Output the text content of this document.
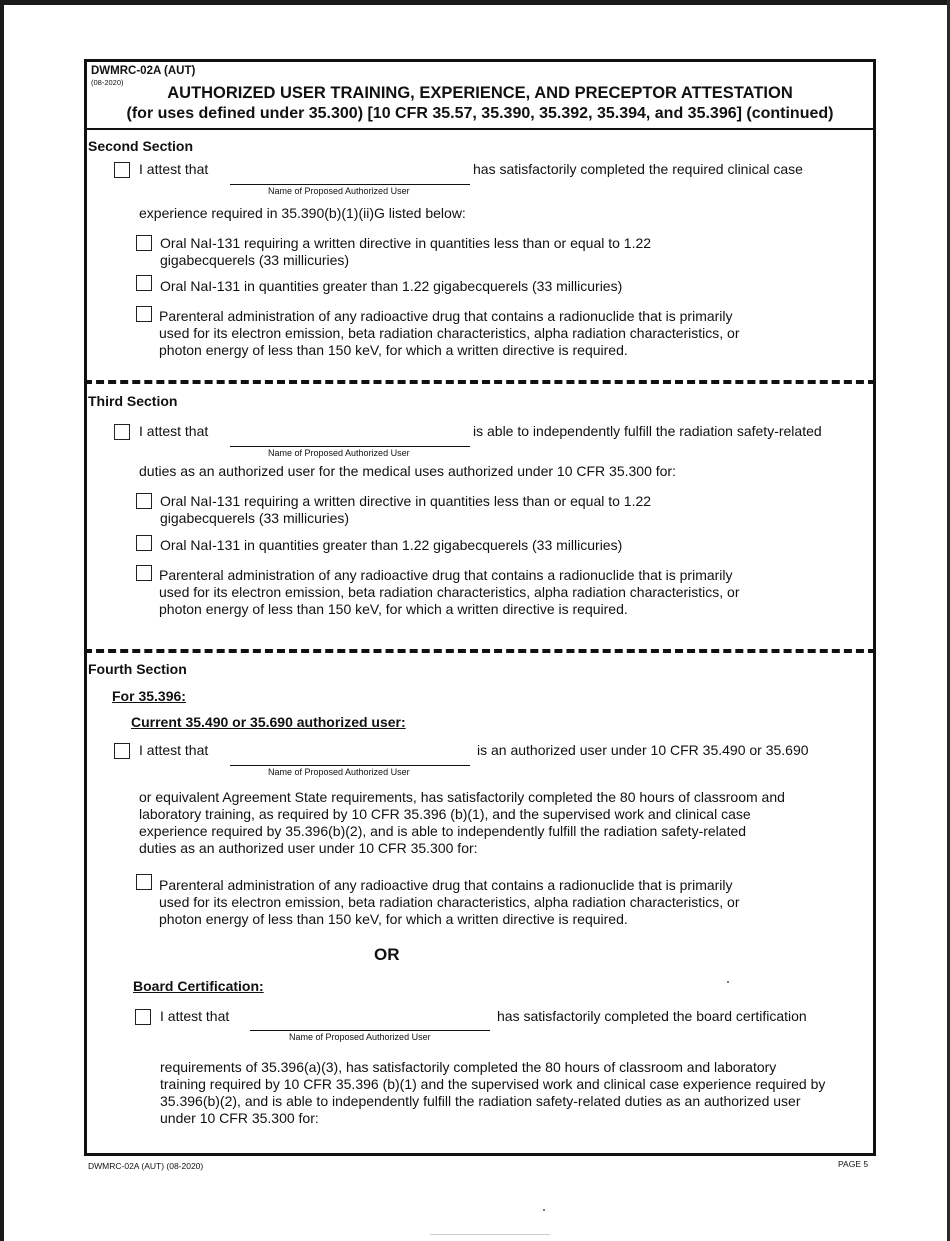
DWMRC-02A (AUT)
(08-2020)
AUTHORIZED USER TRAINING, EXPERIENCE, AND PRECEPTOR ATTESTATION
(for uses defined under 35.300) [10 CFR 35.57, 35.390, 35.392, 35.394, and 35.396] (continued)
Second Section
I attest that
Name of Proposed Authorized User
has satisfactorily completed the required clinical case
experience required in 35.390(b)(1)(ii)G listed below:
Oral NaI-131 requiring a written directive in quantities less than or equal to 1.22
gigabecquerels (33 millicuries)
Oral NaI-131 in quantities greater than 1.22 gigabecquerels (33 millicuries)
Parenteral administration of any radioactive drug that contains a radionuclide that is primarily
used for its electron emission, beta radiation characteristics, alpha radiation characteristics, or
photon energy of less than 150 keV, for which a written directive is required.
Third Section
I attest that
Name of Proposed Authorized User
is able to independently fulfill the radiation safety-related
duties as an authorized user for the medical uses authorized under 10 CFR 35.300 for:
Oral NaI-131 requiring a written directive in quantities less than or equal to 1.22
gigabecquerels (33 millicuries)
Oral NaI-131 in quantities greater than 1.22 gigabecquerels (33 millicuries)
Parenteral administration of any radioactive drug that contains a radionuclide that is primarily
used for its electron emission, beta radiation characteristics, alpha radiation characteristics, or
photon energy of less than 150 keV, for which a written directive is required.
Fourth Section
For 35.396:
Current 35.490 or 35.690 authorized user:
I attest that
Name of Proposed Authorized User
is an authorized user under 10 CFR 35.490 or 35.690
or equivalent Agreement State requirements, has satisfactorily completed the 80 hours of classroom and
laboratory training, as required by 10 CFR 35.396 (b)(1), and the supervised work and clinical case
experience required by 35.396(b)(2), and is able to independently fulfill the radiation safety-related
duties as an authorized user under 10 CFR 35.300 for:
Parenteral administration of any radioactive drug that contains a radionuclide that is primarily
used for its electron emission, beta radiation characteristics, alpha radiation characteristics, or
photon energy of less than 150 keV, for which a written directive is required.
OR
Board Certification:
I attest that
Name of Proposed Authorized User
has satisfactorily completed the board certification
requirements of 35.396(a)(3), has satisfactorily completed the 80 hours of classroom and laboratory
training required by 10 CFR 35.396 (b)(1) and the supervised work and clinical case experience required by
35.396(b)(2), and is able to independently fulfill the radiation safety-related duties as an authorized user
under 10 CFR 35.300 for:
DWMRC-02A (AUT) (08-2020)	PAGE 5
